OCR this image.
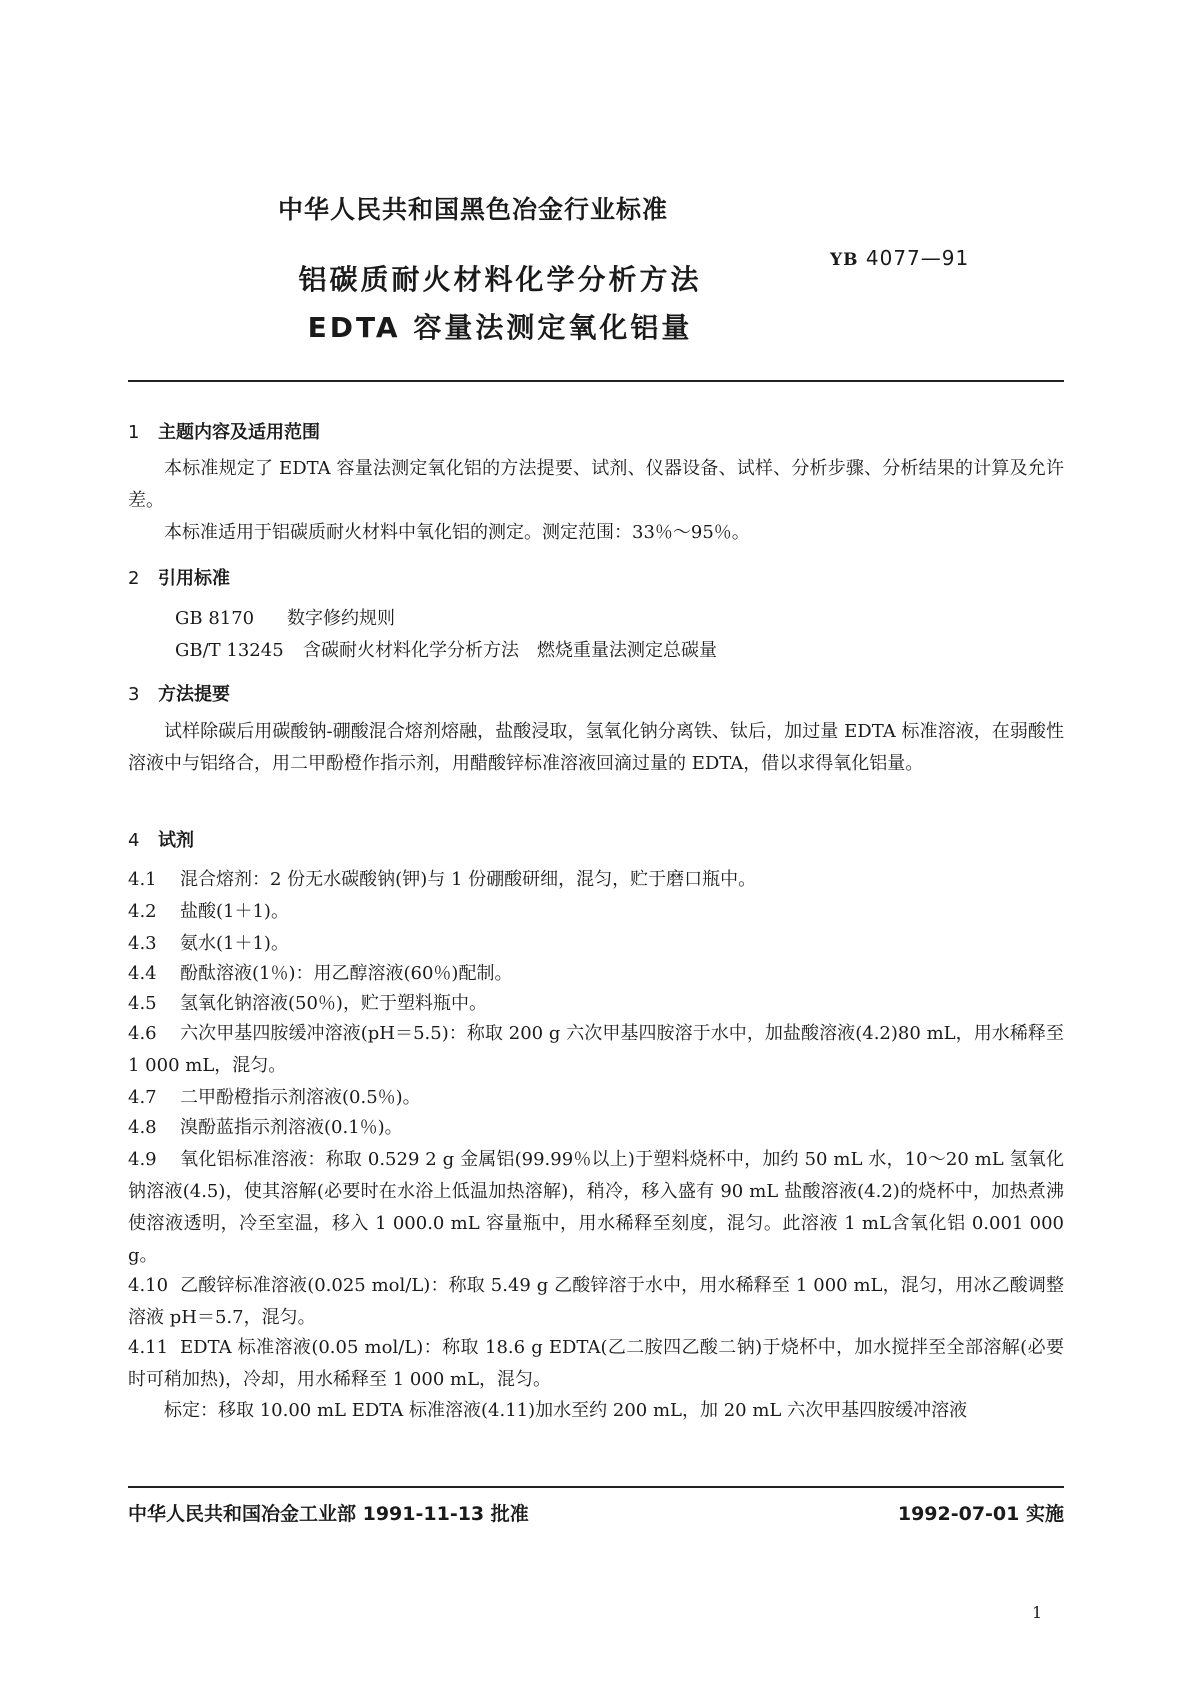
中华人民共和国黑色冶金行业标准
铝碳质耐火材料化学分析方法
EDTA 容量法测定氧化铝量
YB 4077—91
1 主题内容及适用范围
本标准规定了 EDTA 容量法测定氧化铝的方法提要、试剂、仪器设备、试样、分析步骤、分析结果的计算及允许差。
本标准适用于铝碳质耐火材料中氧化铝的测定。测定范围：33％～95％。
2 引用标准
GB 8170 数字修约规则
GB/T 13245 含碳耐火材料化学分析方法　燃烧重量法测定总碳量
3 方法提要
试样除碳后用碳酸钠-硼酸混合熔剂熔融，盐酸浸取，氢氧化钠分离铁、钛后，加过量 EDTA 标准溶液，在弱酸性溶液中与铝络合，用二甲酚橙作指示剂，用醋酸锌标准溶液回滴过量的 EDTA，借以求得氧化铝量。
4 试剂
4.1 混合熔剂：2 份无水碳酸钠(钾)与 1 份硼酸研细，混匀，贮于磨口瓶中。
4.2 盐酸(1＋1)。
4.3 氨水(1＋1)。
4.4 酚酞溶液(1％)：用乙醇溶液(60％)配制。
4.5 氢氧化钠溶液(50％)，贮于塑料瓶中。
4.6 六次甲基四胺缓冲溶液(pH＝5.5)：称取 200 g 六次甲基四胺溶于水中，加盐酸溶液(4.2)80 mL，用水稀释至 1 000 mL，混匀。
4.7 二甲酚橙指示剂溶液(0.5％)。
4.8 溴酚蓝指示剂溶液(0.1％)。
4.9 氧化铝标准溶液：称取 0.529 2 g 金属铝(99.99％以上)于塑料烧杯中，加约 50 mL 水，10～20 mL 氢氧化钠溶液(4.5)，使其溶解(必要时在水浴上低温加热溶解)，稍冷，移入盛有 90 mL 盐酸溶液(4.2)的烧杯中，加热煮沸使溶液透明，冷至室温，移入 1 000.0 mL 容量瓶中，用水稀释至刻度，混匀。此溶液 1 mL含氧化铝 0.001 000 g。
4.10 乙酸锌标准溶液(0.025 mol/L)：称取 5.49 g 乙酸锌溶于水中，用水稀释至 1 000 mL，混匀，用冰乙酸调整溶液 pH＝5.7，混匀。
4.11 EDTA 标准溶液(0.05 mol/L)：称取 18.6 g EDTA(乙二胺四乙酸二钠)于烧杯中，加水搅拌至全部溶解(必要时可稍加热)，冷却，用水稀释至 1 000 mL，混匀。
标定：移取 10.00 mL EDTA 标准溶液(4.11)加水至约 200 mL，加 20 mL 六次甲基四胺缓冲溶液
中华人民共和国冶金工业部 1991-11-13 批准	1992-07-01 实施
1
